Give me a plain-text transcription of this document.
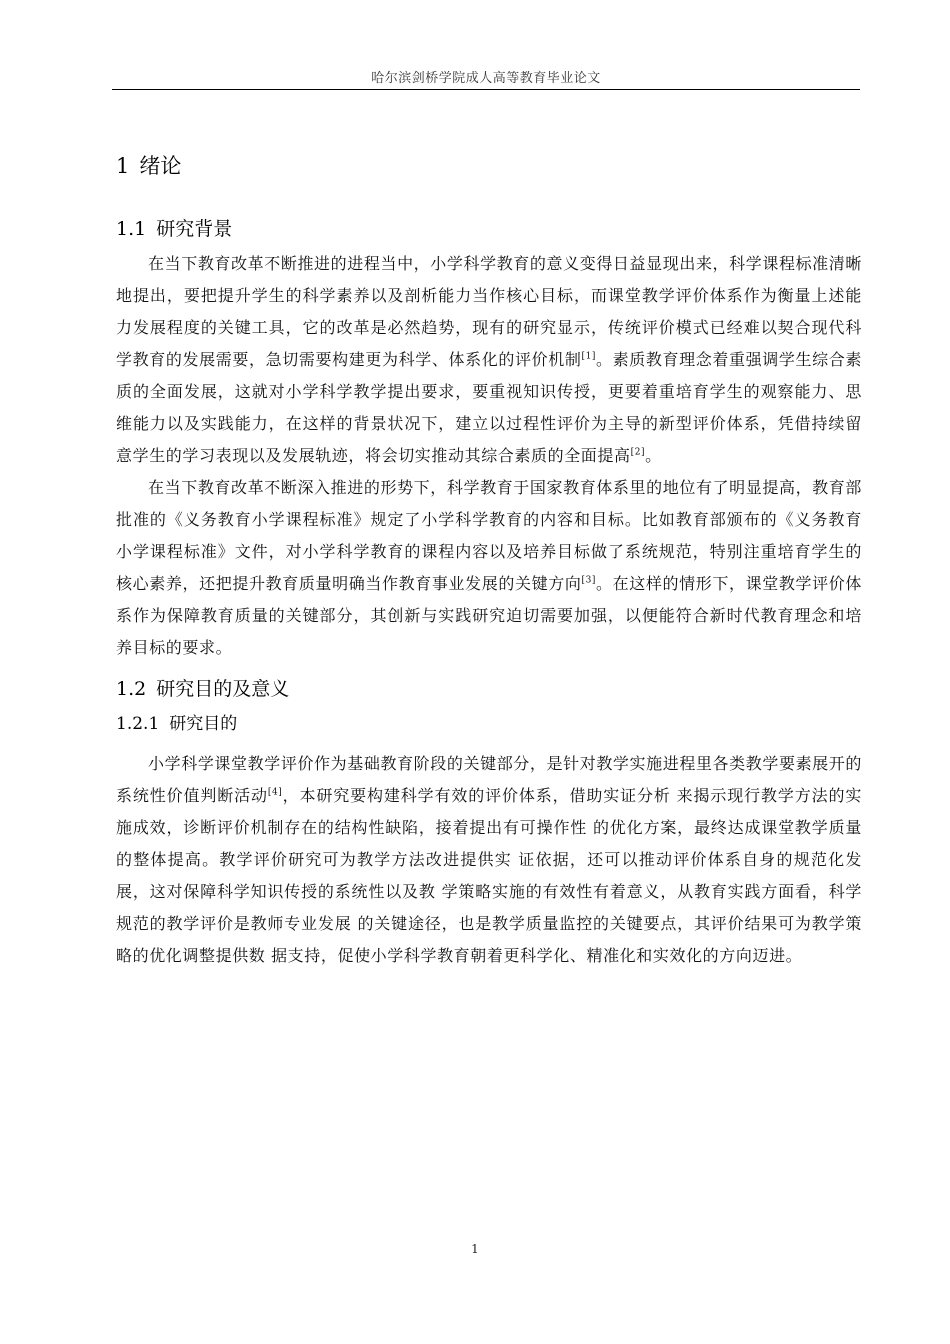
哈尔滨剑桥学院成人高等教育毕业论文
1 绪论
1.1 研究背景

在当下教育改革不断推进的进程当中，小学科学教育的意义变得日益显现出来，科学课程标准清晰地提出，要把提升学生的科学素养以及剖析能力当作核心目标，而课堂教学评价体系作为衡量上述能力发展程度的关键工具，它的改革是必然趋势，现有的研究显示，传统评价模式已经难以契合现代科学教育的发展需要，急切需要构建更为科学、体系化的评价机制[1]。素质教育理念着重强调学生综合素质的全面发展，这就对小学科学教学提出要求，要重视知识传授，更要着重培育学生的观察能力、思维能力以及实践能力，在这样的背景状况下，建立以过程性评价为主导的新型评价体系，凭借持续留意学生的学习表现以及发展轨迹，将会切实推动其综合素质的全面提高[2]。

在当下教育改革不断深入推进的形势下，科学教育于国家教育体系里的地位有了明显提高，教育部批准的《义务教育小学课程标准》规定了小学科学教育的内容和目标。比如教育部颁布的《义务教育小学课程标准》文件，对小学科学教育的课程内容以及培养目标做了系统规范，特别注重培育学生的核心素养，还把提升教育质量明确当作教育事业发展的关键方向[3]。在这样的情形下，课堂教学评价体系作为保障教育质量的关键部分，其创新与实践研究迫切需要加强，以便能符合新时代教育理念和培养目标的要求。

1.2 研究目的及意义
1.2.1 研究目的

小学科学课堂教学评价作为基础教育阶段的关键部分，是针对教学实施进程里各类教学要素展开的系统性价值判断活动[4]，本研究要构建科学有效的评价体系，借助实证分析 来揭示现行教学方法的实施成效，诊断评价机制存在的结构性缺陷，接着提出有可操作性 的优化方案，最终达成课堂教学质量的整体提高。教学评价研究可为教学方法改进提供实 证依据，还可以推动评价体系自身的规范化发展，这对保障科学知识传授的系统性以及教 学策略实施的有效性有着意义，从教育实践方面看，科学规范的教学评价是教师专业发展 的关键途径，也是教学质量监控的关键要点，其评价结果可为教学策略的优化调整提供数 据支持，促使小学科学教育朝着更科学化、精准化和实效化的方向迈进。

1
